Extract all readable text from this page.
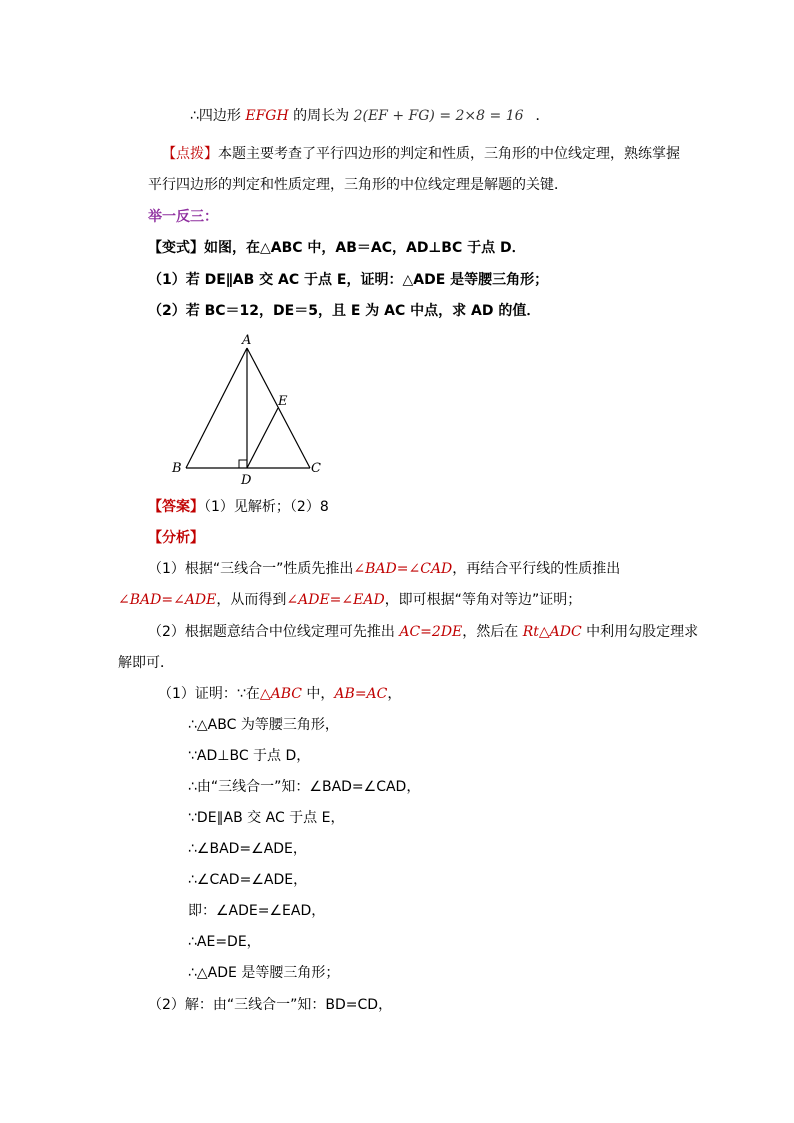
∴四边形 EFGH 的周长为 2(EF + FG) = 2×8 = 16 ．
【点拨】本题主要考查了平行四边形的判定和性质，三角形的中位线定理，熟练掌握
平行四边形的判定和性质定理，三角形的中位线定理是解题的关键．
举一反三：
【变式】如图，在△ABC 中，AB＝AC，AD⊥BC 于点 D．
（1）若 DE∥AB 交 AC 于点 E，证明：△ADE 是等腰三角形；
（2）若 BC＝12，DE＝5，且 E 为 AC 中点，求 AD 的值．
A
B	C
D
E
【答案】（1）见解析；（2）8
【分析】
（1）根据“三线合一”性质先推出∠BAD=∠CAD，再结合平行线的性质推出
∠BAD=∠ADE，从而得到∠ADE=∠EAD，即可根据“等角对等边”证明；
（2）根据题意结合中位线定理可先推出 AC=2DE，然后在 Rt△ADC 中利用勾股定理求
解即可．
（1）证明：∵在△ABC 中，AB=AC，
∴△ABC 为等腰三角形，
∵AD⊥BC 于点 D，
∴由“三线合一”知：∠BAD=∠CAD，
∵DE∥AB 交 AC 于点 E，
∴∠BAD=∠ADE，
∴∠CAD=∠ADE，
即：∠ADE=∠EAD，
∴AE=DE，
∴△ADE 是等腰三角形；
（2）解：由“三线合一”知：BD=CD，
